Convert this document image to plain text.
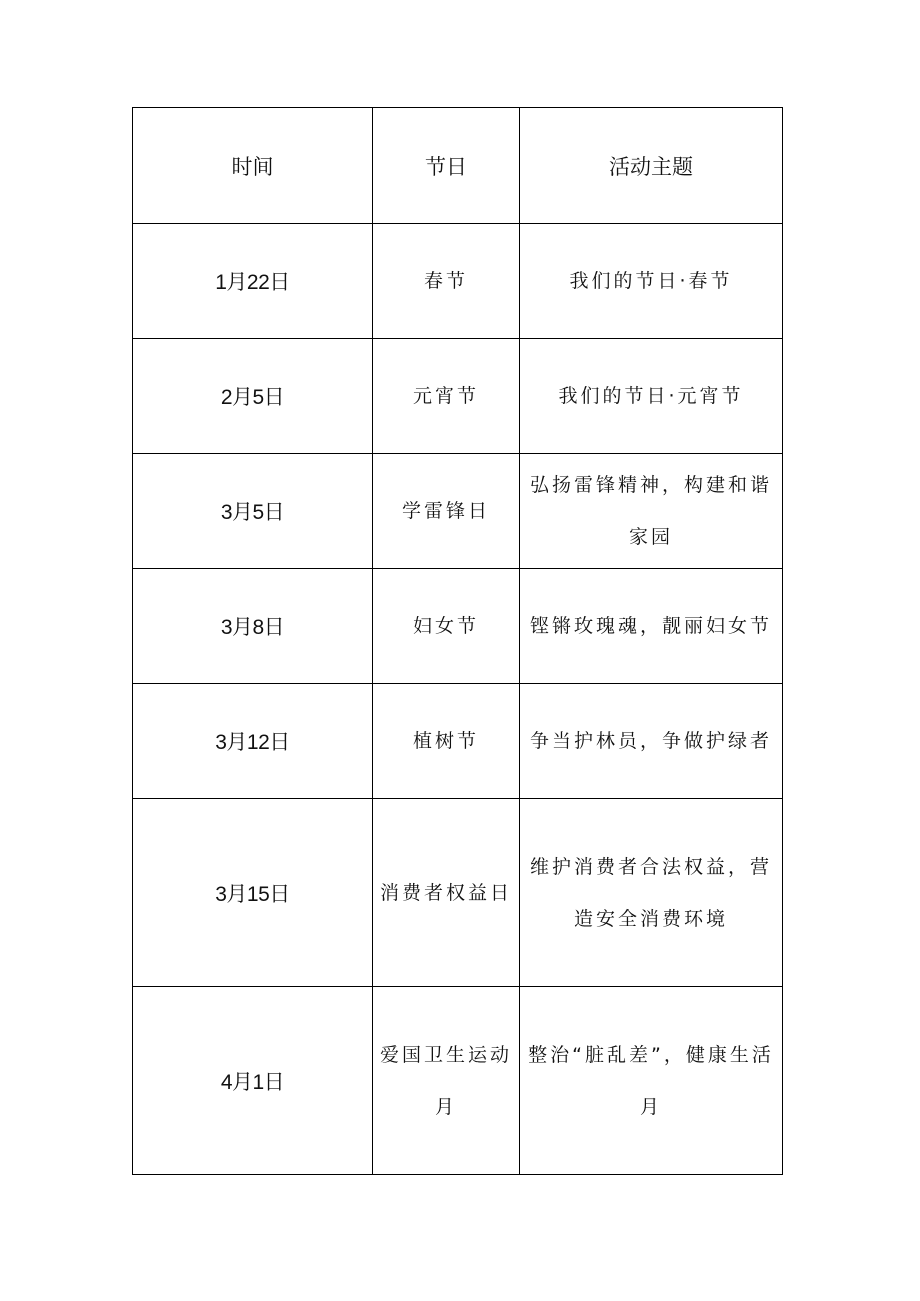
时间	节日	活动主题
1月22日	春节	我们的节日·春节
2月5日	元宵节	我们的节日·元宵节
3月5日	学雷锋日	弘扬雷锋精神，构建和谐家园
3月8日	妇女节	铿锵玫瑰魂，靓丽妇女节
3月12日	植树节	争当护林员，争做护绿者
3月15日	消费者权益日	维护消费者合法权益，营造安全消费环境
4月1日	爱国卫生运动月	整治“脏乱差”，健康生活月
